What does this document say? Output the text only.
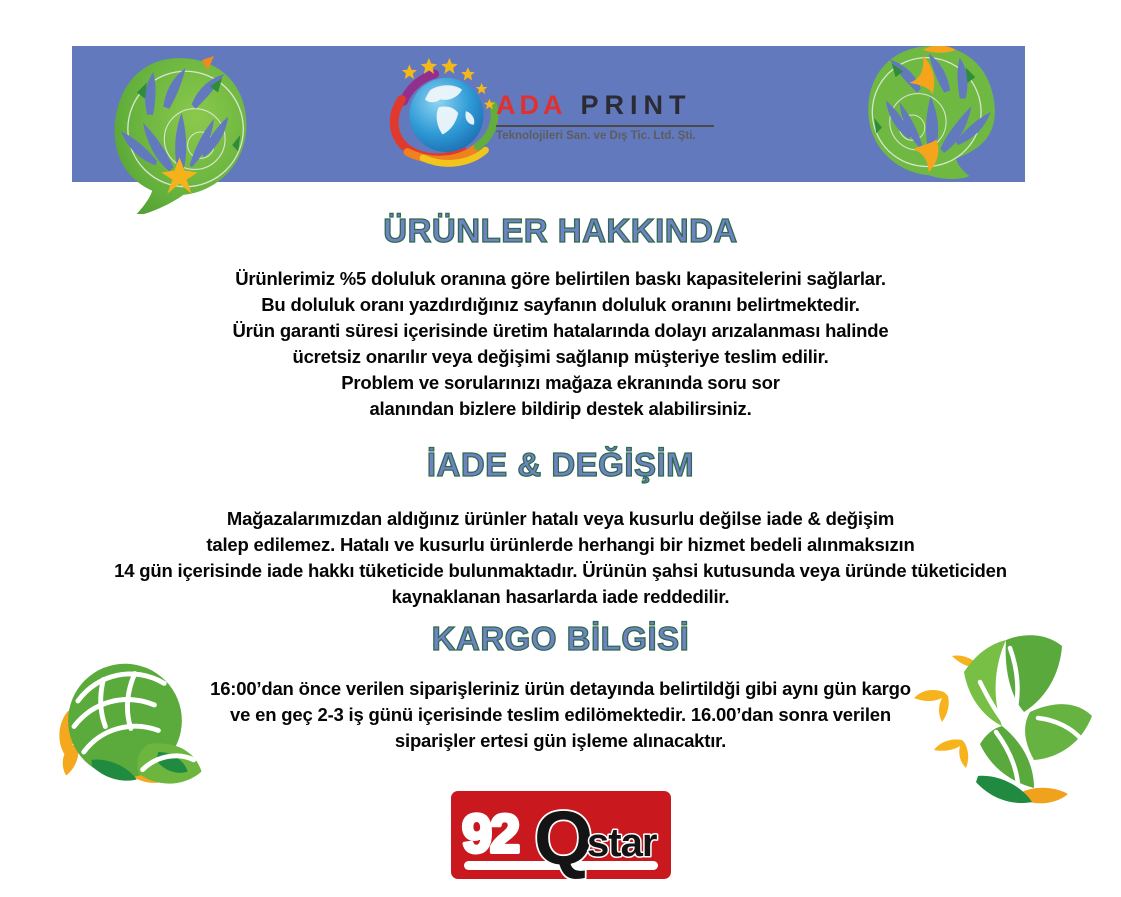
ADA PRINT
Teknolojileri San. ve Dış Tic. Ltd. Şti.
ÜRÜNLER HAKKINDA
Ürünlerimiz %5 doluluk oranına göre belirtilen baskı kapasitelerini sağlarlar.
Bu doluluk oranı yazdırdığınız sayfanın doluluk oranını belirtmektedir.
Ürün garanti süresi içerisinde üretim hatalarında dolayı arızalanması halinde
ücretsiz onarılır veya değişimi sağlanıp müşteriye teslim edilir.
Problem ve sorularınızı mağaza ekranında soru sor
alanından bizlere bildirip destek alabilirsiniz.
İADE & DEĞİŞİM
Mağazalarımızdan aldığınız ürünler hatalı veya kusurlu değilse iade & değişim
talep edilemez. Hatalı ve kusurlu ürünlerde herhangi bir hizmet bedeli alınmaksızın
14 gün içerisinde iade hakkı tüketicide bulunmaktadır. Ürünün şahsi kutusunda veya üründe tüketiciden
kaynaklanan hasarlarda iade reddedilir.
KARGO BİLGİSİ
16:00’dan önce verilen siparişleriniz ürün detayında belirtildği gibi aynı gün kargo
ve en geç 2-3 iş günü içerisinde teslim edilömektedir. 16.00’dan sonra verilen
siparişler ertesi gün işleme alınacaktır.
92 Q
star
